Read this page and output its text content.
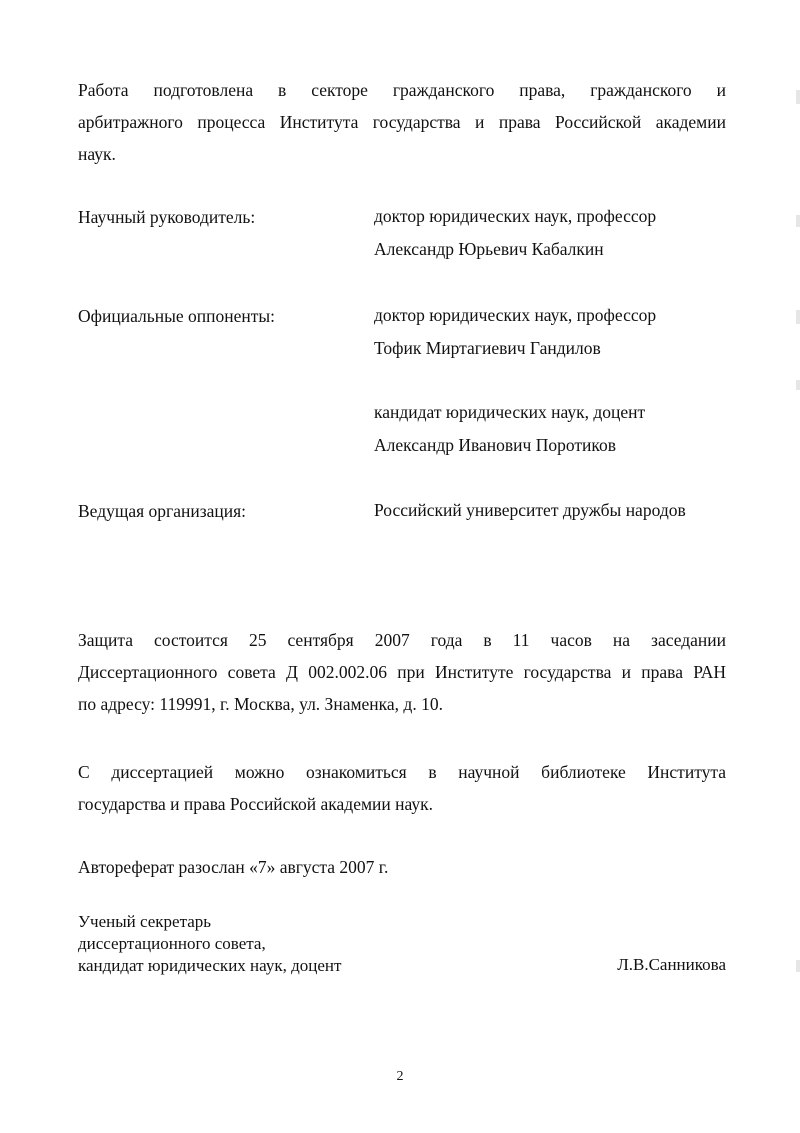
Работа подготовлена в секторе гражданского права, гражданского и
арбитражного процесса Института государства и права Российской академии
наук.
Научный руководитель:	доктор юридических наук, профессор
Александр Юрьевич Кабалкин
Официальные оппоненты:	доктор юридических наук, профессор
Тофик Миртагиевич Гандилов
кандидат юридических наук, доцент
Александр Иванович Поротиков
Ведущая организация:	Российский университет дружбы народов
Защита состоится 25 сентября 2007 года в 11 часов на заседании
Диссертационного совета Д 002.002.06 при Институте государства и права РАН
по адресу: 119991, г. Москва, ул. Знаменка, д. 10.
С диссертацией можно ознакомиться в научной библиотеке Института
государства и права Российской академии наук.
Автореферат разослан «7» августа 2007 г.
Ученый секретарь
диссертационного совета,
кандидат юридических наук, доцент	Л.В.Санникова
2
